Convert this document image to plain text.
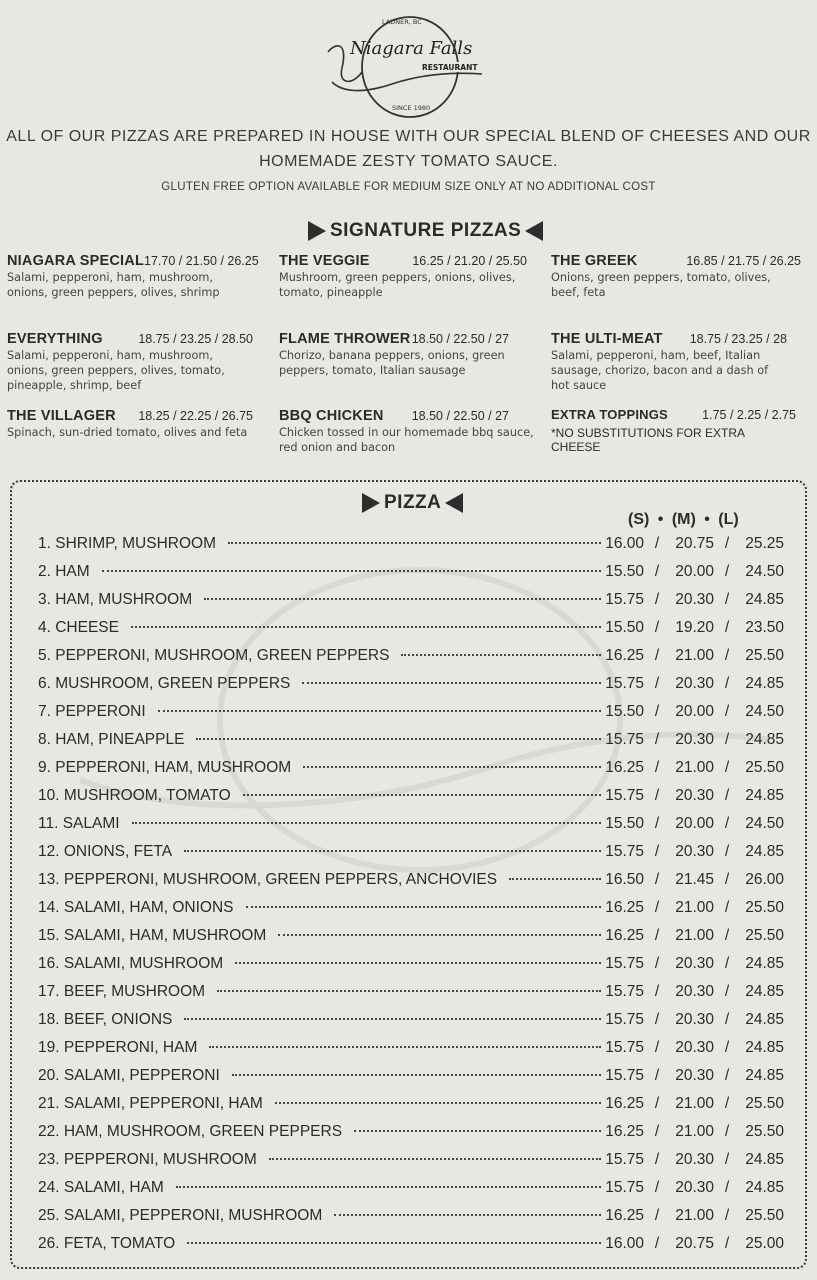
LADNER, BC
Niagara Falls
RESTAURANT
SINCE 1980
ALL OF OUR PIZZAS ARE PREPARED IN HOUSE WITH OUR SPECIAL BLEND OF CHEESES AND OUR
HOMEMADE ZESTY TOMATO SAUCE.
GLUTEN FREE OPTION AVAILABLE FOR MEDIUM SIZE ONLY AT NO ADDITIONAL COST
SIGNATURE PIZZAS
NIAGARA SPECIAL 17.70 / 21.50 / 26.25
Salami, pepperoni, ham, mushroom, onions, green peppers, olives, shrimp
THE VEGGIE	16.25 / 21.20 / 25.50
Mushroom, green peppers, onions, olives, tomato, pineapple
THE GREEK	16.85 / 21.75 / 26.25
Onions, green peppers, tomato, olives, beef, feta
EVERYTHING	18.75 / 23.25 / 28.50
Salami, pepperoni, ham, mushroom, onions, green peppers, olives, tomato, pineapple, shrimp, beef
FLAME THROWER 18.50 / 22.50 / 27
Chorizo, banana peppers, onions, green peppers, tomato, Italian sausage
THE ULTI-MEAT 18.75 / 23.25 / 28
Salami, pepperoni, ham, beef, Italian sausage, chorizo, bacon and a dash of hot sauce
THE VILLAGER 18.25 / 22.25 / 26.75
Spinach, sun-dried tomato, olives and feta
BBQ CHICKEN 18.50 / 22.50 / 27
Chicken tossed in our homemade bbq sauce, red onion and bacon
EXTRA TOPPINGS	1.75 / 2.25 / 2.75
*NO SUBSTITUTIONS FOR EXTRA CHEESE
PIZZA
(S) • (M) • (L)
1. SHRIMP, MUSHROOM	16.00 /	20.75 /	25.25
2. HAM	15.50 /	20.00 /	24.50
3. HAM, MUSHROOM	15.75 /	20.30 /	24.85
4. CHEESE	15.50 /	19.20 /	23.50
5. PEPPERONI, MUSHROOM, GREEN PEPPERS	16.25 /	21.00 /	25.50
6. MUSHROOM, GREEN PEPPERS	15.75 /	20.30 /	24.85
7. PEPPERONI	15.50 /	20.00 /	24.50
8. HAM, PINEAPPLE	15.75 /	20.30 /	24.85
9. PEPPERONI, HAM, MUSHROOM	16.25 /	21.00 /	25.50
10. MUSHROOM, TOMATO	15.75 /	20.30 /	24.85
11. SALAMI	15.50 /	20.00 /	24.50
12. ONIONS, FETA	15.75 /	20.30 /	24.85
13. PEPPERONI, MUSHROOM, GREEN PEPPERS, ANCHOVIES	16.50 /	21.45 /	26.00
14. SALAMI, HAM, ONIONS	16.25 /	21.00 /	25.50
15. SALAMI, HAM, MUSHROOM	16.25 /	21.00 /	25.50
16. SALAMI, MUSHROOM	15.75 /	20.30 /	24.85
17. BEEF, MUSHROOM	15.75 /	20.30 /	24.85
18. BEEF, ONIONS	15.75 /	20.30 /	24.85
19. PEPPERONI, HAM	15.75 /	20.30 /	24.85
20. SALAMI, PEPPERONI	15.75 /	20.30 /	24.85
21. SALAMI, PEPPERONI, HAM	16.25 /	21.00 /	25.50
22. HAM, MUSHROOM, GREEN PEPPERS	16.25 /	21.00 /	25.50
23. PEPPERONI, MUSHROOM	15.75 /	20.30 /	24.85
24. SALAMI, HAM	15.75 /	20.30 /	24.85
25. SALAMI, PEPPERONI, MUSHROOM	16.25 /	21.00 /	25.50
26. FETA, TOMATO	16.00 /	20.75 /	25.00
